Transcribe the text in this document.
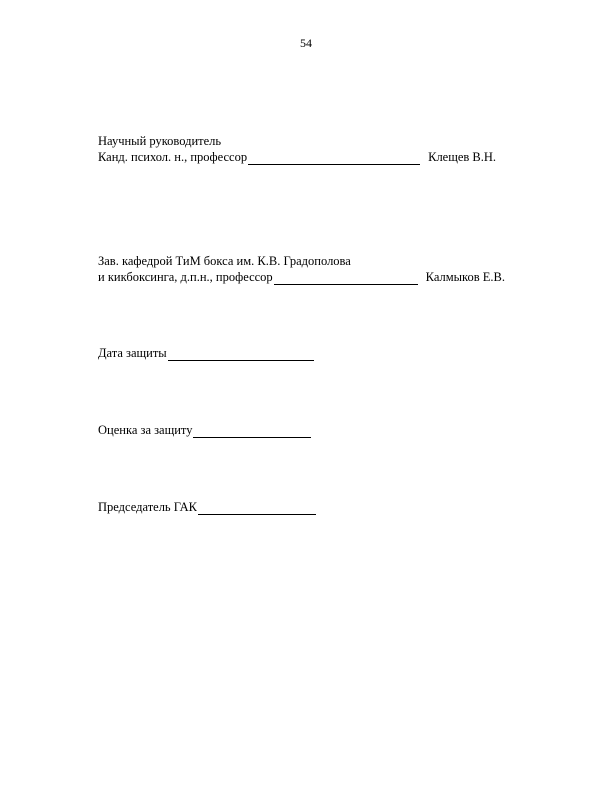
54
Научный руководитель
Канд. психол. н., профессор	Клещев В.Н.
Зав. кафедрой ТиМ бокса им. К.В. Градополова
и кикбоксинга, д.п.н., профессор	Калмыков Е.В.
Дата защиты
Оценка за защиту
Председатель ГАК
